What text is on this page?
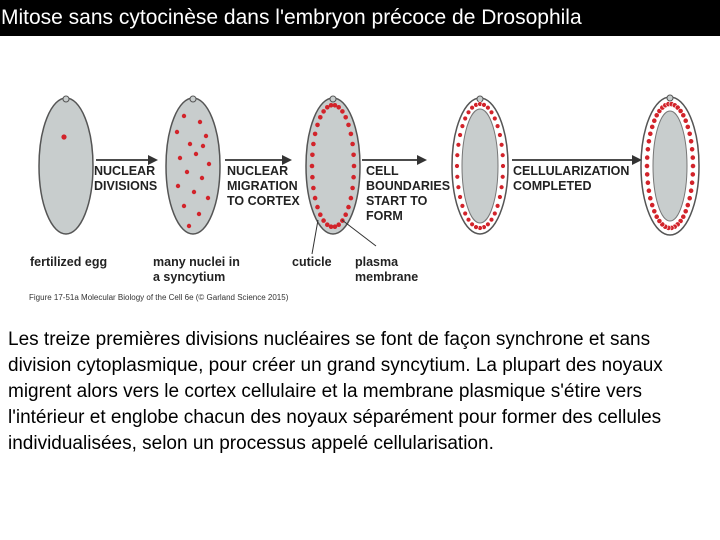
Mitose sans cytocinèse dans l'embryon précoce de Drosophila
NUCLEAR DIVISIONS
NUCLEAR MIGRATION TO CORTEX
CELL BOUNDARIES START TO FORM
CELLULARIZATION COMPLETED
fertilized egg	many nuclei in a syncytium
cuticle plasma membrane
Figure 17-51a Molecular Biology of the Cell 6e (© Garland Science 2015)
Les treize premières divisions nucléaires se font de façon synchrone et sans division cytoplasmique, pour créer un grand syncytium. La plupart des noyaux migrent alors vers le cortex cellulaire et la membrane plasmique s'étire vers l'intérieur et englobe chacun des noyaux séparément pour former des cellules individualisées, selon un processus appelé cellularisation.
